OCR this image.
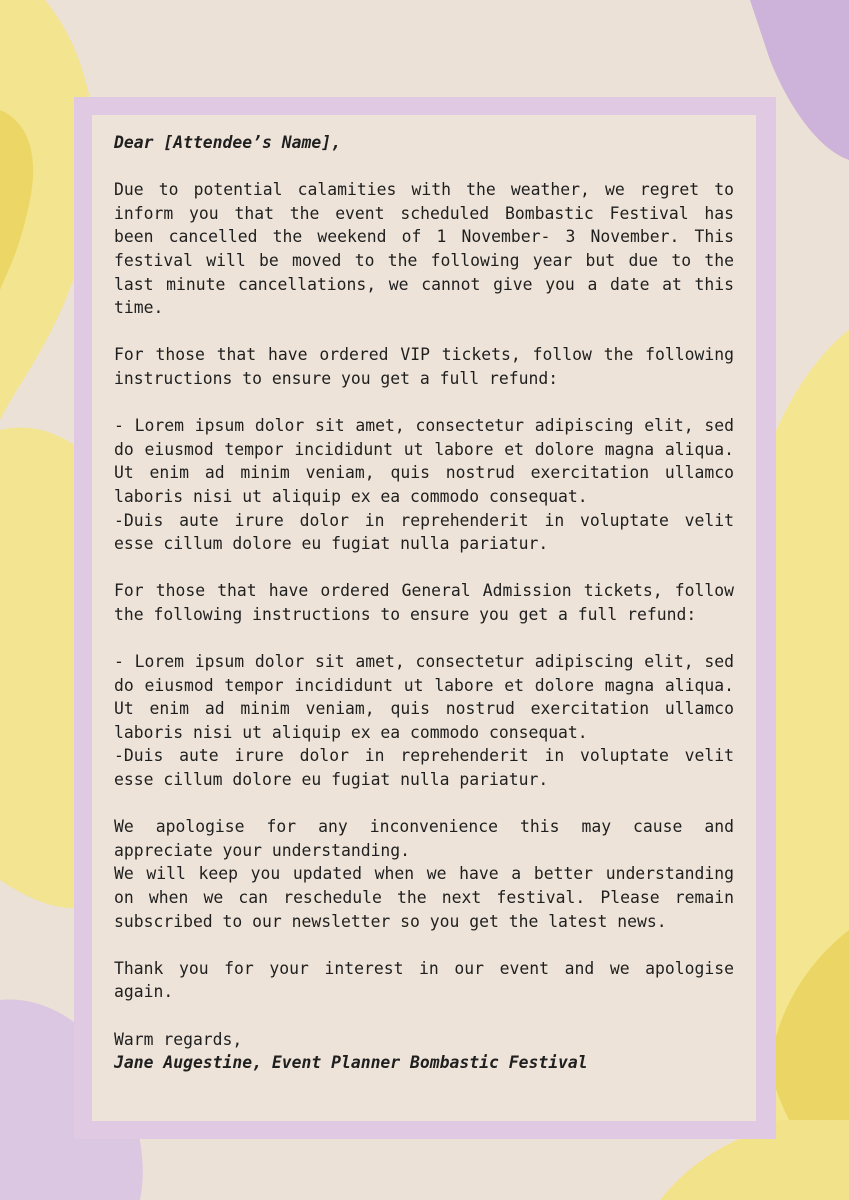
Dear [Attendee’s Name],

Due to potential calamities with the weather, we regret to inform you that the event scheduled Bombastic Festival has been cancelled the weekend of 1 November- 3 November. This festival will be moved to the following year but due to the last minute cancellations, we cannot give you a date at this time.

For those that have ordered VIP tickets, follow the following instructions to ensure you get a full refund:

- Lorem ipsum dolor sit amet, consectetur adipiscing elit, sed do eiusmod tempor incididunt ut labore et dolore magna aliqua. Ut enim ad minim veniam, quis nostrud exercitation ullamco laboris nisi ut aliquip ex ea commodo consequat.

-Duis aute irure dolor in reprehenderit in voluptate velit esse cillum dolore eu fugiat nulla pariatur.

For those that have ordered General Admission tickets, follow the following instructions to ensure you get a full refund:

- Lorem ipsum dolor sit amet, consectetur adipiscing elit, sed do eiusmod tempor incididunt ut labore et dolore magna aliqua. Ut enim ad minim veniam, quis nostrud exercitation ullamco laboris nisi ut aliquip ex ea commodo consequat.

-Duis aute irure dolor in reprehenderit in voluptate velit esse cillum dolore eu fugiat nulla pariatur.

We apologise for any inconvenience this may cause and appreciate your understanding.

We will keep you updated when we have a better understanding on when we can reschedule the next festival. Please remain subscribed to our newsletter so you get the latest news.

Thank you for your interest in our event and we apologise again.

Warm regards,

Jane Augestine, Event Planner Bombastic Festival
